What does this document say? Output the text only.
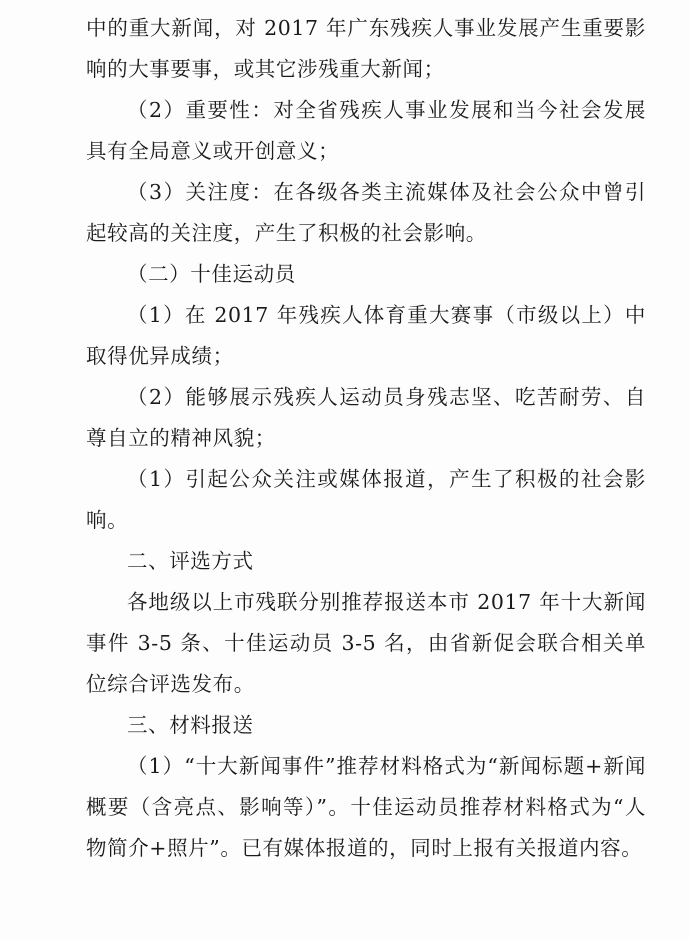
中的重大新闻，对 2017 年广东残疾人事业发展产生重要影响的大事要事，或其它涉残重大新闻；

（2）重要性：对全省残疾人事业发展和当今社会发展具有全局意义或开创意义；

（3）关注度：在各级各类主流媒体及社会公众中曾引起较高的关注度，产生了积极的社会影响。

（二）十佳运动员

（1）在 2017 年残疾人体育重大赛事（市级以上）中取得优异成绩；

（2）能够展示残疾人运动员身残志坚、吃苦耐劳、自尊自立的精神风貌；

（1）引起公众关注或媒体报道，产生了积极的社会影响。

二、评选方式

各地级以上市残联分别推荐报送本市 2017 年十大新闻事件 3-5 条、十佳运动员 3-5 名，由省新促会联合相关单位综合评选发布。

三、材料报送

（1）“十大新闻事件”推荐材料格式为“新闻标题+新闻概要（含亮点、影响等）”。十佳运动员推荐材料格式为“人物简介+照片”。已有媒体报道的，同时上报有关报道内容。
